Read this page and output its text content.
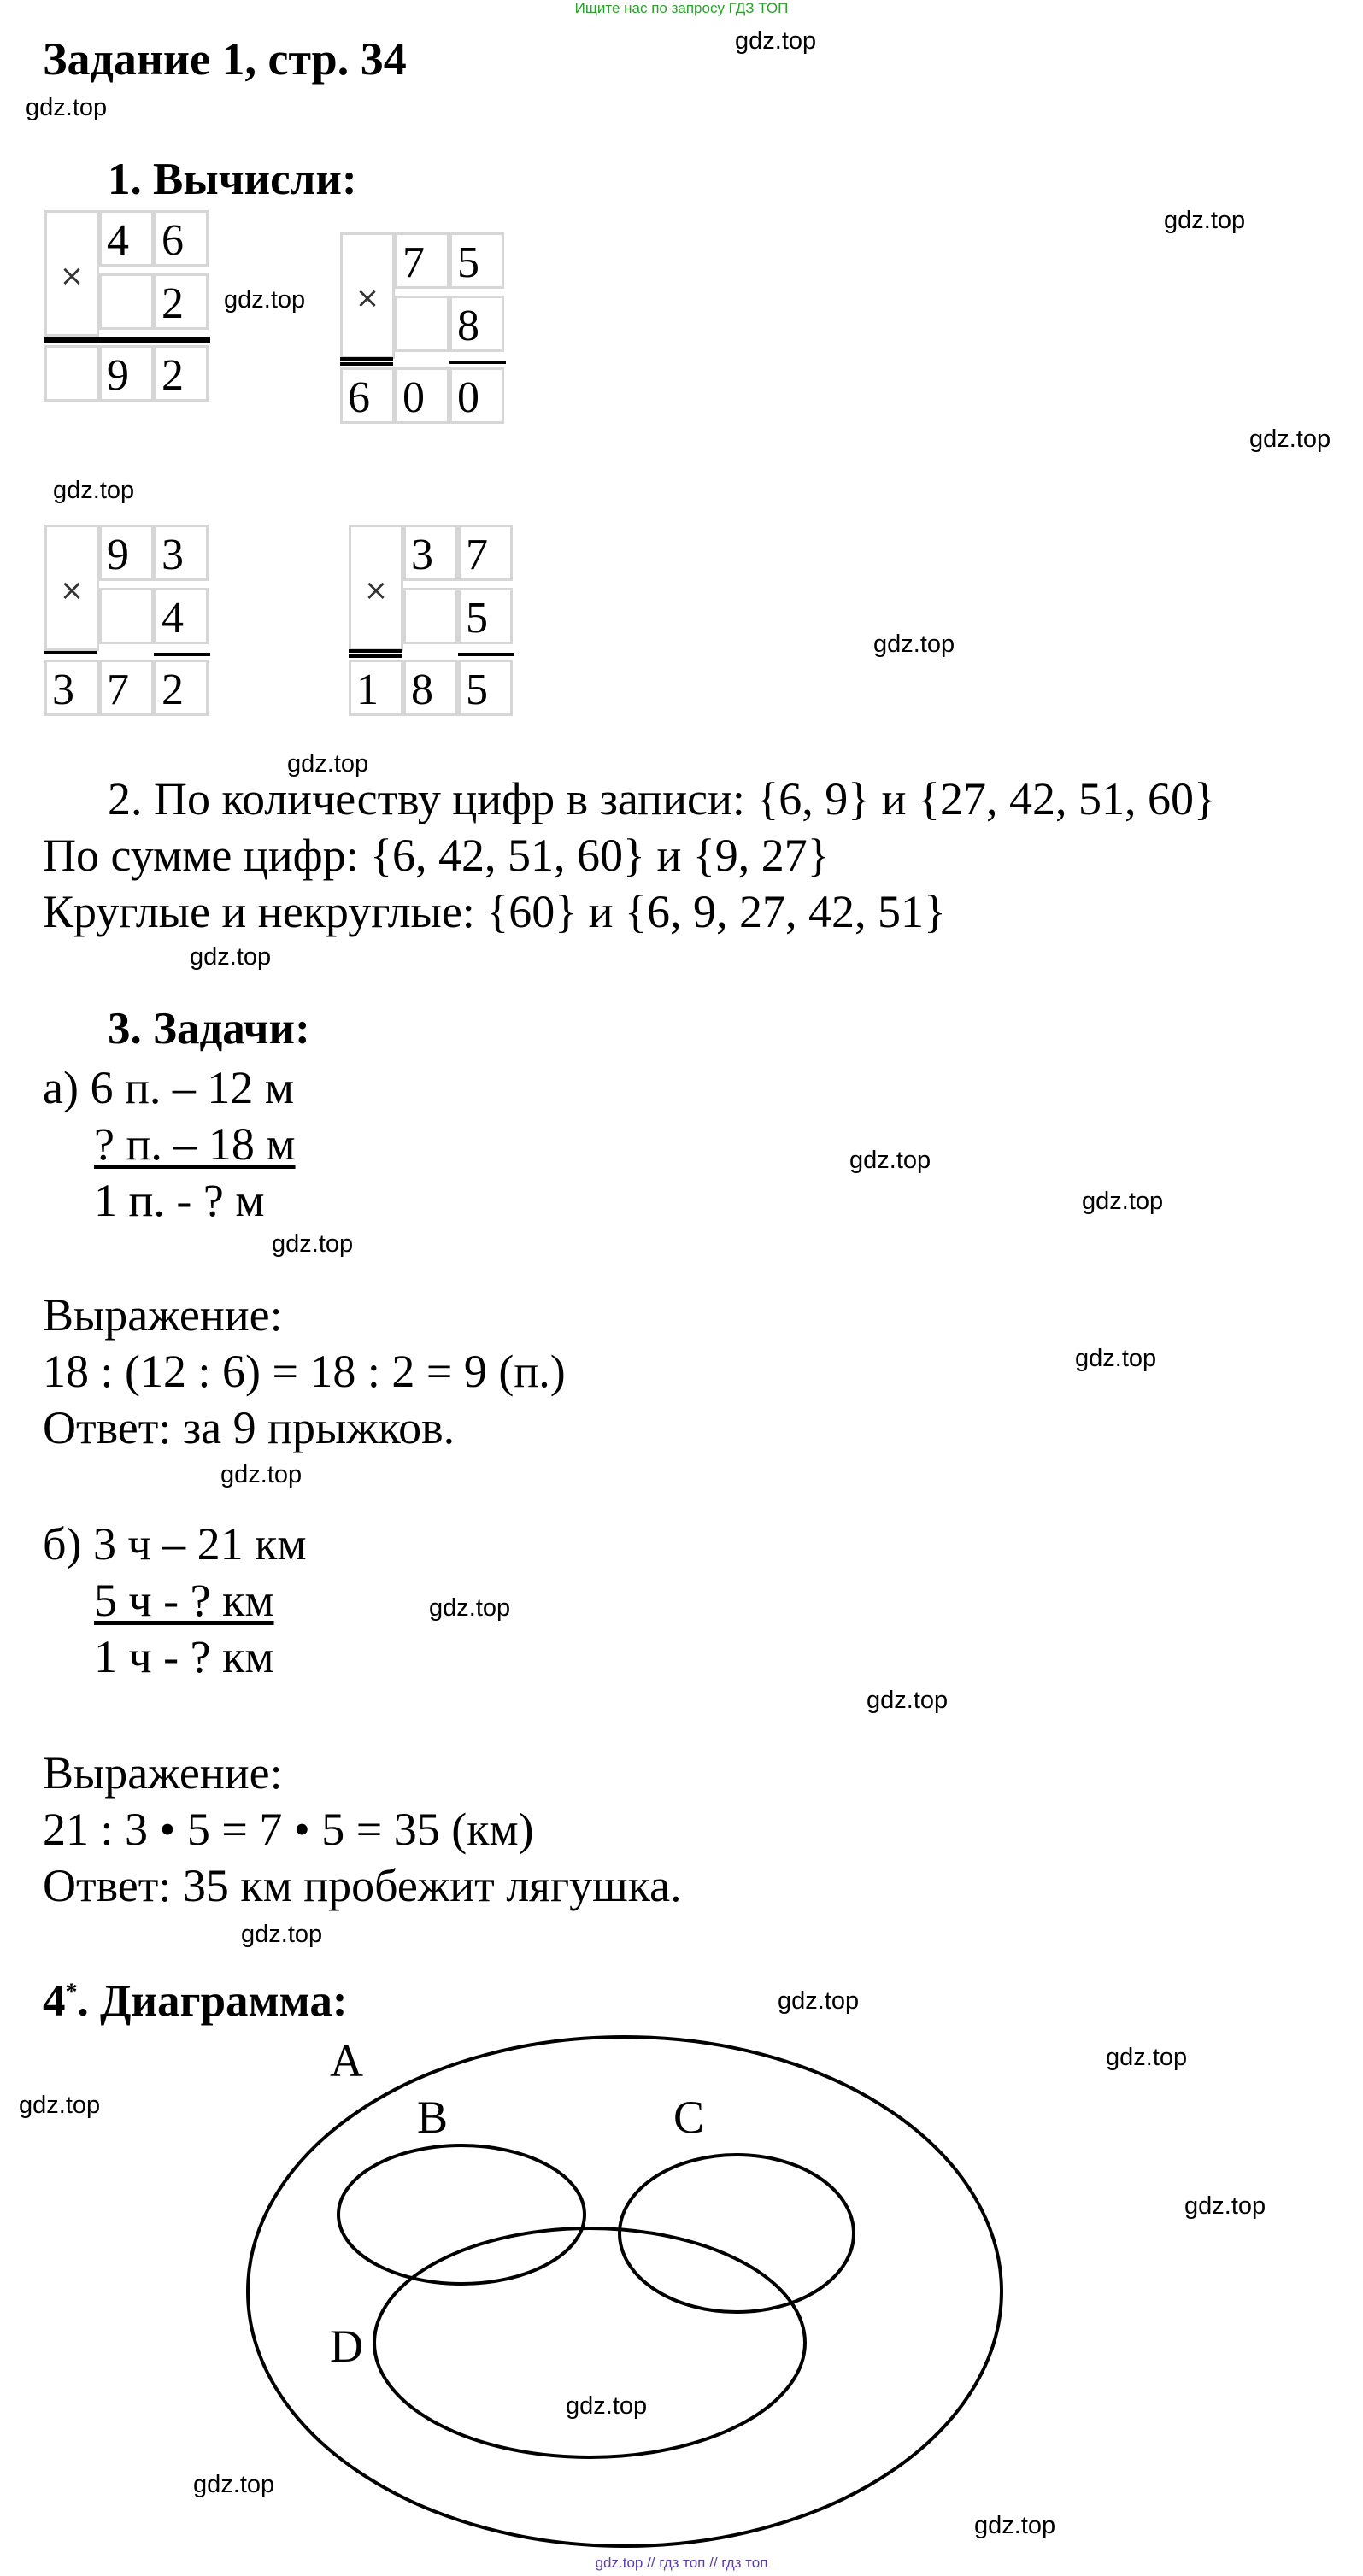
Ищите нас по запросу ГДЗ ТОП
Задание 1, стр. 34	gdz.top
gdz.top
gdz.top
gdz.top
gdz.top
gdz.top
gdz.top
gdz.top
gdz.top
gdz.top
gdz.top
gdz.top
gdz.top
gdz.top
gdz.top
gdz.top
gdz.top
gdz.top
gdz.top
gdz.top
gdz.top
gdz.top
gdz.top
gdz.top
1. Вычисли:
×
4 6
2
9 2
×
7 5
8
6 0 0
×
9 3
4
3 7 2
×
3 7
5
1 8 5
2. По количеству цифр в записи: {6, 9} и {27, 42, 51, 60}
По сумме цифр: {6, 42, 51, 60} и {9, 27}
Круглые и некруглые: {60} и {6, 9, 27, 42, 51}
3. Задачи:
а) 6 п. – 12 м
? п. – 18 м
1 п. - ? м
Выражение:
18 : (12 : 6) = 18 : 2 = 9 (п.)
Ответ: за 9 прыжков.
б) 3 ч – 21 км
5 ч - ? км
1 ч - ? км
Выражение:
21 : 3 • 5 = 7 • 5 = 35 (км)
Ответ: 35 км пробежит лягушка.
4*. Диаграмма:
A
B	C
D
gdz.top // гдз топ // гдз топ
